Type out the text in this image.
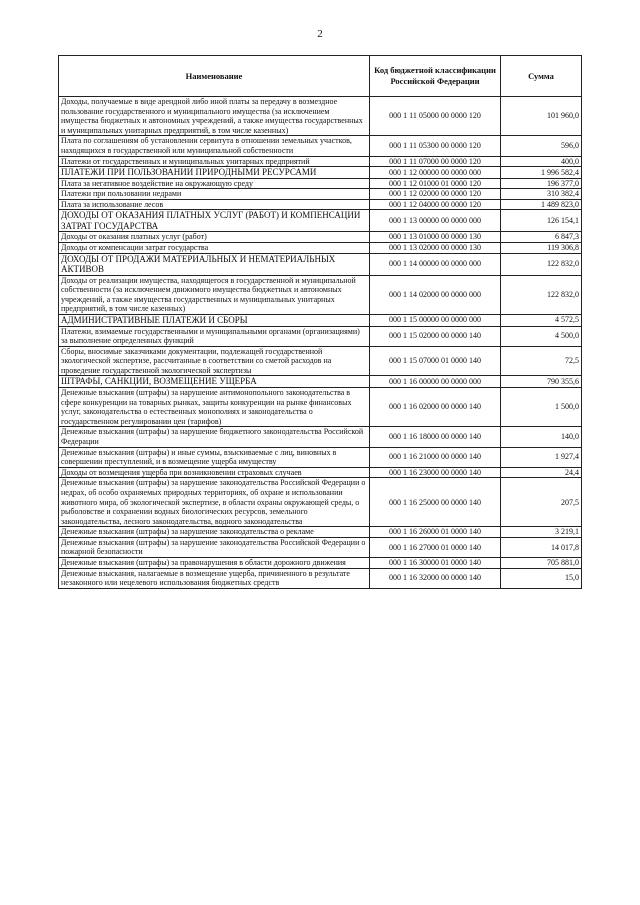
2
Наименование	Код бюджетной классификации Российской Федерации	Сумма
Доходы, получаемые в виде арендной либо иной платы за передачу в возмездное пользование государственного и муниципального имущества (за исключением имущества бюджетных и автономных учреждений, а также имущества государственных и муниципальных унитарных предприятий, в том числе казенных)	000 1 11 05000 00 0000 120	101 960,0
Плата по соглашениям об установлении сервитута в отношении земельных участков, находящихся в государственной или муниципальной собственности	000 1 11 05300 00 0000 120	596,0
Платежи от государственных и муниципальных унитарных предприятий	000 1 11 07000 00 0000 120	400,0
ПЛАТЕЖИ ПРИ ПОЛЬЗОВАНИИ ПРИРОДНЫМИ РЕСУРСАМИ	000 1 12 00000 00 0000 000	1 996 582,4
Плата за негативное воздействие на окружающую среду	000 1 12 01000 01 0000 120	196 377,0
Платежи при пользовании недрами	000 1 12 02000 00 0000 120	310 382,4
Плата за использование лесов	000 1 12 04000 00 0000 120	1 489 823,0
ДОХОДЫ ОТ ОКАЗАНИЯ ПЛАТНЫХ УСЛУГ (РАБОТ) И КОМПЕНСАЦИИ ЗАТРАТ ГОСУДАРСТВА	000 1 13 00000 00 0000 000	126 154,1
Доходы от оказания платных услуг (работ)	000 1 13 01000 00 0000 130	6 847,3
Доходы от компенсации затрат государства	000 1 13 02000 00 0000 130	119 306,8
ДОХОДЫ ОТ ПРОДАЖИ МАТЕРИАЛЬНЫХ И НЕМАТЕРИАЛЬНЫХ АКТИВОВ	000 1 14 00000 00 0000 000	122 832,0
Доходы от реализации имущества, находящегося в государственной и муниципальной собственности (за исключением движимого имущества бюджетных и автономных учреждений, а также имущества государственных и муниципальных унитарных предприятий, в том числе казенных)	000 1 14 02000 00 0000 000	122 832,0
АДМИНИСТРАТИВНЫЕ ПЛАТЕЖИ И СБОРЫ	000 1 15 00000 00 0000 000	4 572,5
Платежи, взимаемые государственными и муниципальными органами (организациями) за выполнение определенных функций	000 1 15 02000 00 0000 140	4 500,0
Сборы, вносимые заказчиками документации, подлежащей государственной экологической экспертизе, рассчитанные в соответствии со сметой расходов на проведение государственной экологической экспертизы	000 1 15 07000 01 0000 140	72,5
ШТРАФЫ, САНКЦИИ, ВОЗМЕЩЕНИЕ УЩЕРБА	000 1 16 00000 00 0000 000	790 355,6
Денежные взыскания (штрафы) за нарушение антимонопольного законодательства в сфере конкуренции на товарных рынках, защиты конкуренции на рынке финансовых услуг, законодательства о естественных монополиях и законодательства о государственном регулировании цен (тарифов)	000 1 16 02000 00 0000 140	1 500,0
Денежные взыскания (штрафы) за нарушение бюджетного законодательства Российской Федерации	000 1 16 18000 00 0000 140	140,0
Денежные взыскания (штрафы) и иные суммы, взыскиваемые с лиц, виновных в совершении преступлений, и в возмещение ущерба имуществу	000 1 16 21000 00 0000 140	1 927,4
Доходы от возмещения ущерба при возникновении страховых случаев	000 1 16 23000 00 0000 140	24,4
Денежные взыскания (штрафы) за нарушение законодательства Российской Федерации о недрах, об особо охраняемых природных территориях, об охране и использовании животного мира, об экологической экспертизе, в области охраны окружающей среды, о рыболовстве и сохранении водных биологических ресурсов, земельного законодательства, лесного законодательства, водного законодательства	000 1 16 25000 00 0000 140	207,5
Денежные взыскания (штрафы) за нарушение законодательства о рекламе	000 1 16 26000 01 0000 140	3 219,1
Денежные взыскания (штрафы) за нарушение законодательства Российской Федерации о пожарной безопасности	000 1 16 27000 01 0000 140	14 017,8
Денежные взыскания (штрафы) за правонарушения в области дорожного движения	000 1 16 30000 01 0000 140	705 881,0
Денежные взыскания, налагаемые в возмещение ущерба, причиненного в результате незаконного или нецелевого использования бюджетных средств	000 1 16 32000 00 0000 140	15,0
